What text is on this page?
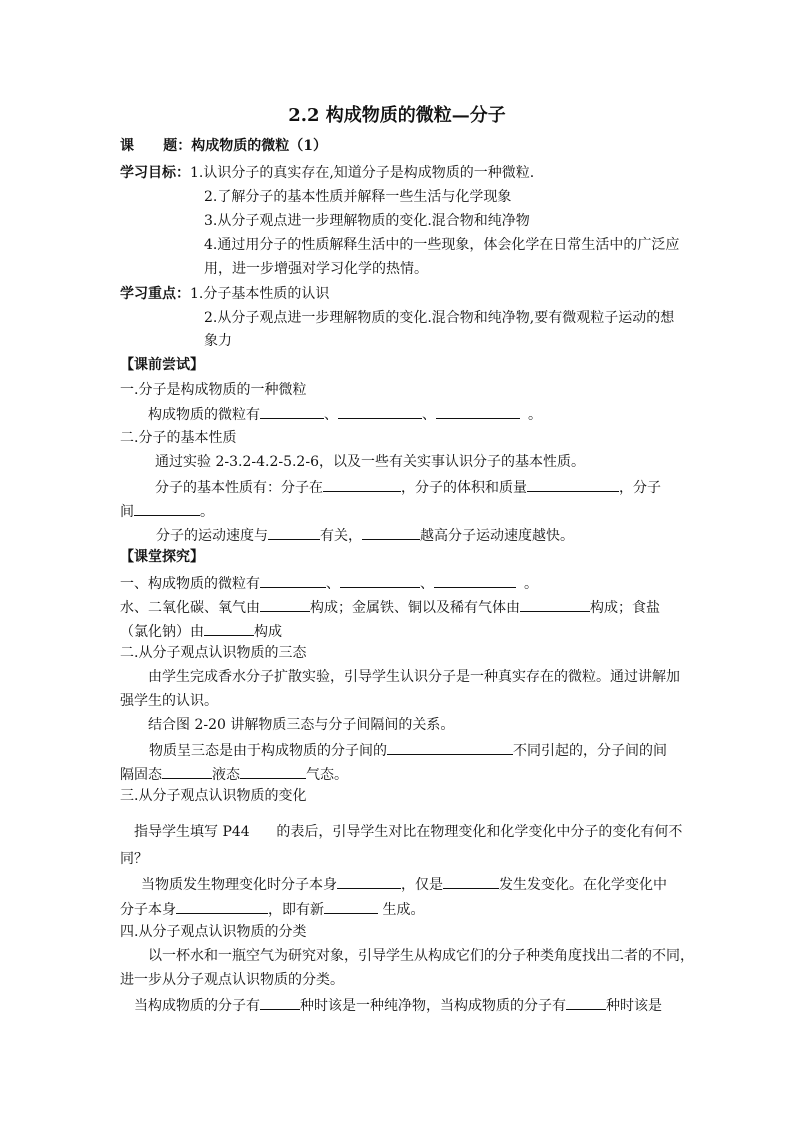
2.2 构成物质的微粒—分子
课      题：构成物质的微粒（1）
学习目标：1.认识分子的真实存在,知道分子是构成物质的一种微粒.
2.了解分子的基本性质并解释一些生活与化学现象
3.从分子观点进一步理解物质的变化.混合物和纯净物
4.通过用分子的性质解释生活中的一些现象，体会化学在日常生活中的广泛应
用，进一步增强对学习化学的热情。
学习重点：1.分子基本性质的认识
2.从分子观点进一步理解物质的变化.混合物和纯净物,要有微观粒子运动的想
象力
【课前尝试】
一.分子是构成物质的一种微粒
构成物质的微粒有	、	、	。
二.分子的基本性质
通过实验 2-3.2-4.2-5.2-6，以及一些有关实事认识分子的基本性质。
分子的基本性质有：分子在	，分子的体积和质量	，分子
间	。
分子的运动速度与	有关，	越高分子运动速度越快。
【课堂探究】
一、构成物质的微粒有	、	、	。
水、二氧化碳、氧气由	构成；金属铁、铜以及稀有气体由	构成；食盐
（氯化钠）由	构成
二.从分子观点认识物质的三态
由学生完成香水分子扩散实验，引导学生认识分子是一种真实存在的微粒。通过讲解加
强学生的认识。
结合图 2-20 讲解物质三态与分子间隔间的关系。
物质呈三态是由于构成物质的分子间的	不同引起的，分子间的间
隔固态	液态	气态。
三.从分子观点认识物质的变化
指导学生填写 P44      的表后，引导学生对比在物理变化和化学变化中分子的变化有何不
同？
当物质发生物理变化时分子本身	，仅是	发生发变化。在化学变化中
分子本身	，即有新	生成。
四.从分子观点认识物质的分类
以一杯水和一瓶空气为研究对象，引导学生从构成它们的分子种类角度找出二者的不同，
进一步从分子观点认识物质的分类。
当构成物质的分子有	种时该是一种纯净物，当构成物质的分子有	种时该是
